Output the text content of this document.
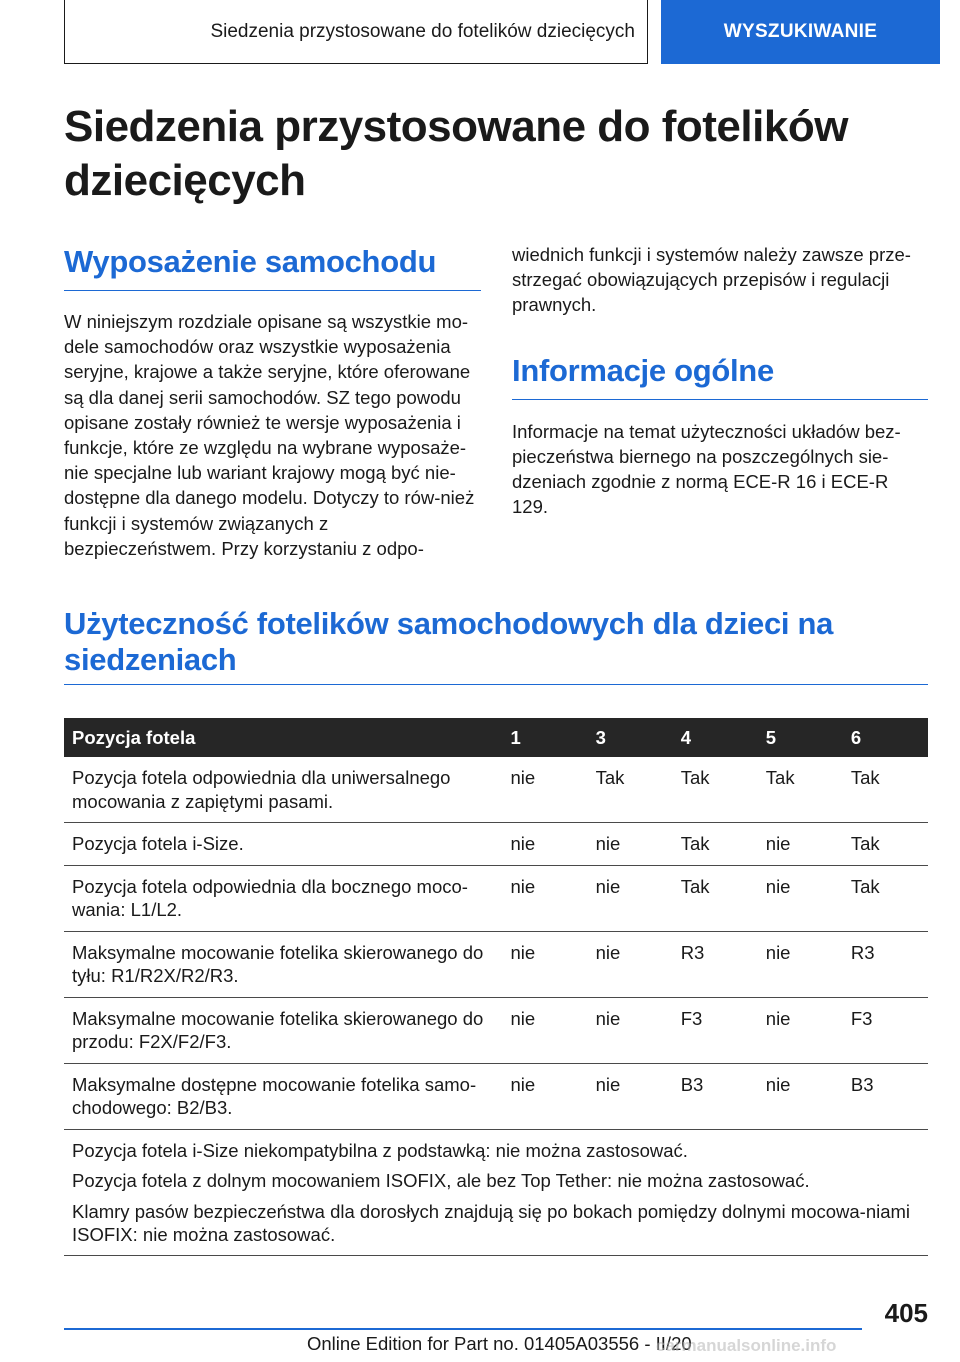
Siedzenia przystosowane do fotelików dziecięcych	WYSZUKIWANIE
Siedzenia przystosowane do fotelików dziecięcych
Wyposażenie samochodu

W niniejszym rozdziale opisane są wszystkie mo-dele samochodów oraz wszystkie wyposażenia seryjne, krajowe a także seryjne, które oferowane są dla danej serii samochodów. SZ tego powodu opisane zostały również te wersje wyposażenia i funkcje, które ze względu na wybrane wyposaże-nie specjalne lub wariant krajowy mogą być nie-dostępne dla danego modelu. Dotyczy to rów-nież funkcji i systemów związanych z bezpieczeństwem. Przy korzystaniu z odpo-

wiednich funkcji i systemów należy zawsze prze-strzegać obowiązujących przepisów i regulacji prawnych.

Informacje ogólne

Informacje na temat użyteczności układów bez-pieczeństwa biernego na poszczególnych sie-dzeniach zgodnie z normą ECE-R 16 i ECE-R 129.

Użyteczność fotelików samochodowych dla dzieci na siedzeniach
Pozycja fotela	1	3	4	5	6
Pozycja fotela odpowiednia dla uniwersalnego mocowania z zapiętymi pasami.	nie	Tak	Tak	Tak	Tak
Pozycja fotela i-Size.	nie	nie	Tak	nie	Tak
Pozycja fotela odpowiednia dla bocznego moco-wania: L1/L2.	nie	nie	Tak	nie	Tak
Maksymalne mocowanie fotelika skierowanego do tyłu: R1/R2X/R2/R3.	nie	nie	R3	nie	R3
Maksymalne mocowanie fotelika skierowanego do przodu: F2X/F2/F3.	nie	nie	F3	nie	F3
Maksymalne dostępne mocowanie fotelika samo-chodowego: B2/B3.	nie	nie	B3	nie	B3

Pozycja fotela i-Size niekompatybilna z podstawką: nie można zastosować.

Pozycja fotela z dolnym mocowaniem ISOFIX, ale bez Top Tether: nie można zastosować.

Klamry pasów bezpieczeństwa dla dorosłych znajdują się po bokach pomiędzy dolnymi mocowa-niami ISOFIX: nie można zastosować.					

405
Online Edition for Part no. 01405A03556 - II/20
carmanualsonline.info
